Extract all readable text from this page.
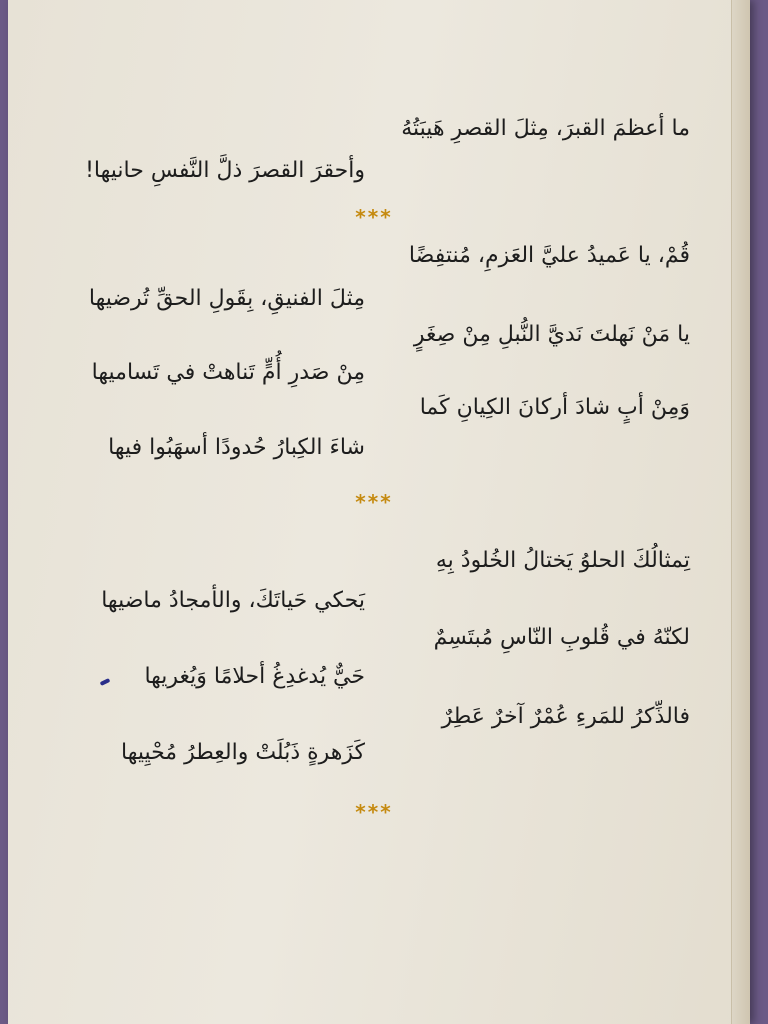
ما أعظمَ القبرَ، مِثلَ القصرِ هَيبَتُهُ
وأحقرَ القصرَ ذلَّ النَّفسِ حانيها!
***
قُمْ، يا عَميدُ عليَّ العَزمِ، مُنتفِضًا
مِثلَ الفنيقِ، بِقَولِ الحقِّ تُرضيها
يا مَنْ نَهلتَ نَديَّ النُّبلِ مِنْ صِغَرٍ
مِنْ صَدرِ أُمٍّ تَناهتْ في تَساميها
وَمِنْ أبٍ شادَ أركانَ الكِيانِ كَما
شاءَ الكِبارُ حُدودًا أسهَبُوا فيها
***
تِمثالُكَ الحلوُ يَختالُ الخُلودُ بِهِ
يَحكي حَياتَكَ، والأمجادُ ماضيها
لكنّهُ في قُلوبِ النّاسِ مُبتَسِمٌ
حَيٌّ يُدغدِغُ أحلامًا وَيُغريها
فالذِّكرُ للمَرءِ عُمْرٌ آخرٌ عَطِرٌ
كَزَهرةٍ ذَبُلَتْ والعِطرُ مُحْيِيها
***
